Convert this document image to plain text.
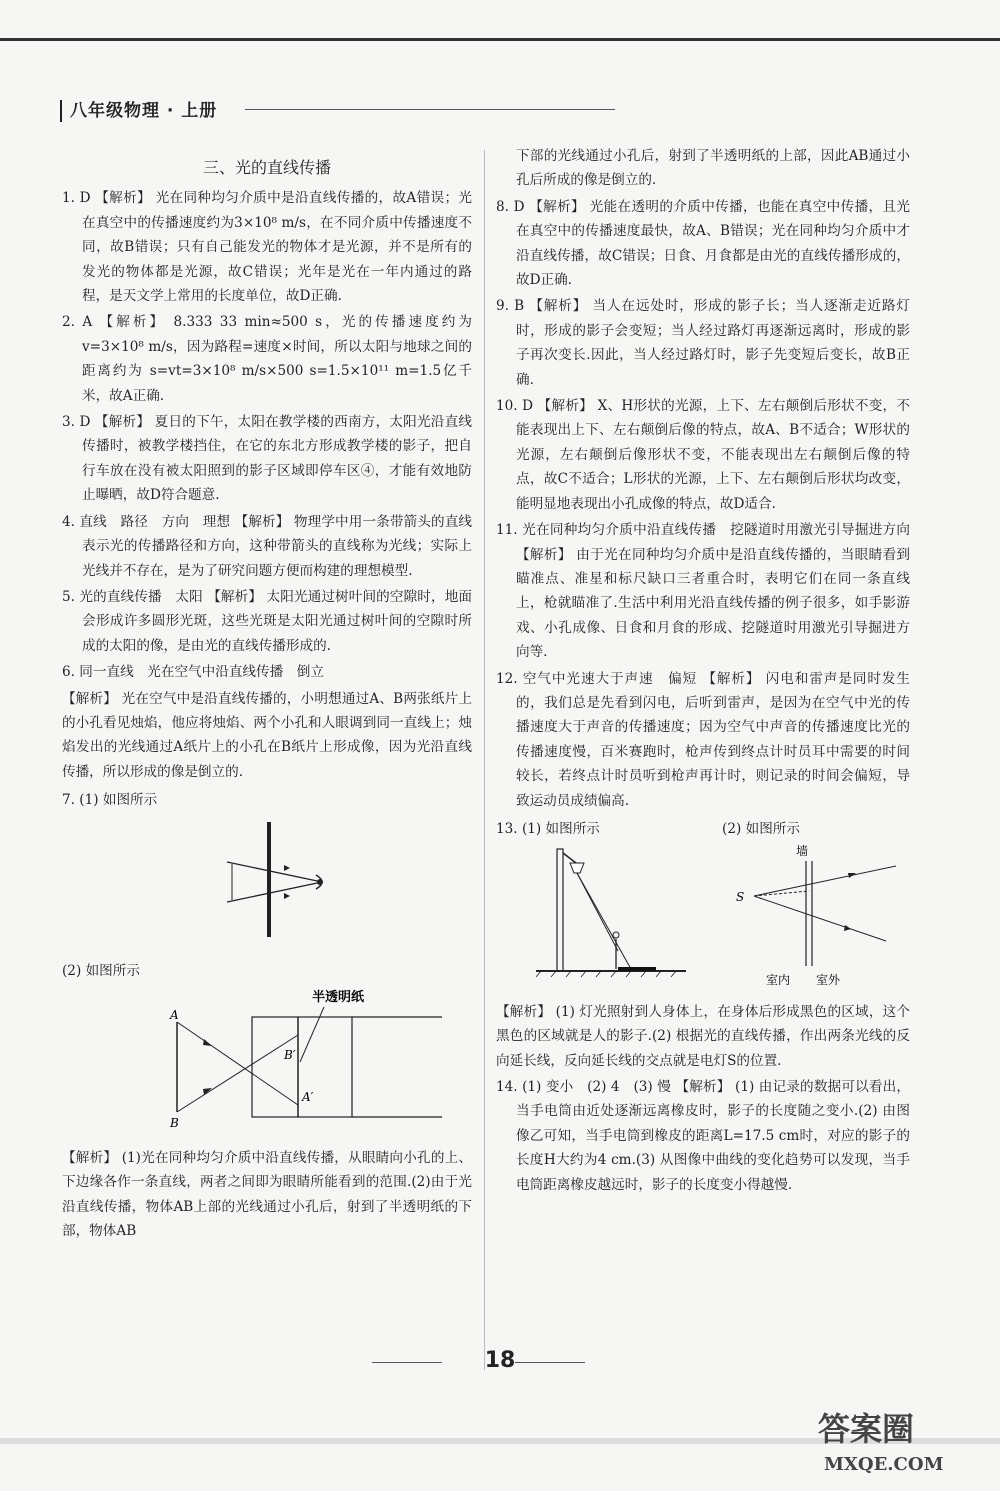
八年级物理 · 上册
三、光的直线传播

1. D 【解析】 光在同种均匀介质中是沿直线传播的，故A错误；光在真空中的传播速度约为3×10⁸ m/s，在不同介质中传播速度不同，故B错误；只有自己能发光的物体才是光源，并不是所有的发光的物体都是光源，故C错误；光年是光在一年内通过的路程，是天文学上常用的长度单位，故D正确.

2. A 【解析】 8.333 33 min≈500 s，光的传播速度约为v=3×10⁸ m/s，因为路程=速度×时间，所以太阳与地球之间的距离约为 s=vt=3×10⁸ m/s×500 s=1.5×10¹¹ m=1.5亿千米，故A正确.

3. D 【解析】 夏日的下午，太阳在教学楼的西南方，太阳光沿直线传播时，被教学楼挡住，在它的东北方形成教学楼的影子，把自行车放在没有被太阳照到的影子区域即停车区④，才能有效地防止曝晒，故D符合题意.

4. 直线　路径　方向　理想 【解析】 物理学中用一条带箭头的直线表示光的传播路径和方向，这种带箭头的直线称为光线；实际上光线并不存在，是为了研究问题方便而构建的理想模型.

5. 光的直线传播　太阳 【解析】 太阳光通过树叶间的空隙时，地面会形成许多圆形光斑，这些光斑是太阳光通过树叶间的空隙时所成的太阳的像，是由光的直线传播形成的.

6. 同一直线　光在空气中沿直线传播　倒立

【解析】 光在空气中是沿直线传播的，小明想通过A、B两张纸片上的小孔看见烛焰，他应将烛焰、两个小孔和人眼调到同一直线上；烛焰发出的光线通过A纸片上的小孔在B纸片上形成像，因为光沿直线传播，所以形成的像是倒立的.

7. (1) 如图所示

(2) 如图所示

半透明纸
A
B
B′
A′

【解析】 (1)光在同种均匀介质中沿直线传播，从眼睛向小孔的上、下边缘各作一条直线，两者之间即为眼睛所能看到的范围.(2)由于光沿直线传播，物体AB上部的光线通过小孔后，射到了半透明纸的下部，物体AB

下部的光线通过小孔后，射到了半透明纸的上部，因此AB通过小孔后所成的像是倒立的.

8. D 【解析】 光能在透明的介质中传播，也能在真空中传播，且光在真空中的传播速度最快，故A、B错误；光在同种均匀介质中才沿直线传播，故C错误；日食、月食都是由光的直线传播形成的，故D正确.

9. B 【解析】 当人在远处时，形成的影子长；当人逐渐走近路灯时，形成的影子会变短；当人经过路灯再逐渐远离时，形成的影子再次变长.因此，当人经过路灯时，影子先变短后变长，故B正确.

10. D 【解析】 X、H形状的光源，上下、左右颠倒后形状不变，不能表现出上下、左右颠倒后像的特点，故A、B不适合；W形状的光源，左右颠倒后像形状不变，不能表现出左右颠倒后像的特点，故C不适合；L形状的光源，上下、左右颠倒后形状均改变，能明显地表现出小孔成像的特点，故D适合.

11. 光在同种均匀介质中沿直线传播　挖隧道时用激光引导掘进方向 【解析】 由于光在同种均匀介质中是沿直线传播的，当眼睛看到瞄准点、准星和标尺缺口三者重合时，表明它们在同一条直线上，枪就瞄准了.生活中利用光沿直线传播的例子很多，如手影游戏、小孔成像、日食和月食的形成、挖隧道时用激光引导掘进方向等.

12. 空气中光速大于声速　偏短 【解析】 闪电和雷声是同时发生的，我们总是先看到闪电，后听到雷声，是因为在空气中光的传播速度大于声音的传播速度；因为空气中声音的传播速度比光的传播速度慢，百米赛跑时，枪声传到终点计时员耳中需要的时间较长，若终点计时员听到枪声再计时，则记录的时间会偏短，导致运动员成绩偏高.

13. (1) 如图所示	(2) 如图所示
墙
S
室内 室外

【解析】 (1) 灯光照射到人身体上，在身体后形成黑色的区域，这个黑色的区域就是人的影子.(2) 根据光的直线传播，作出两条光线的反向延长线，反向延长线的交点就是电灯S的位置.

14. (1) 变小　(2) 4　(3) 慢 【解析】 (1) 由记录的数据可以看出，当手电筒由近处逐渐远离橡皮时，影子的长度随之变小.(2) 由图像乙可知，当手电筒到橡皮的距离L=17.5 cm时，对应的影子的长度H大约为4 cm.(3) 从图像中曲线的变化趋势可以发现，当手电筒距离橡皮越远时，影子的长度变小得越慢.

18
答案圈
MXQE.COM
